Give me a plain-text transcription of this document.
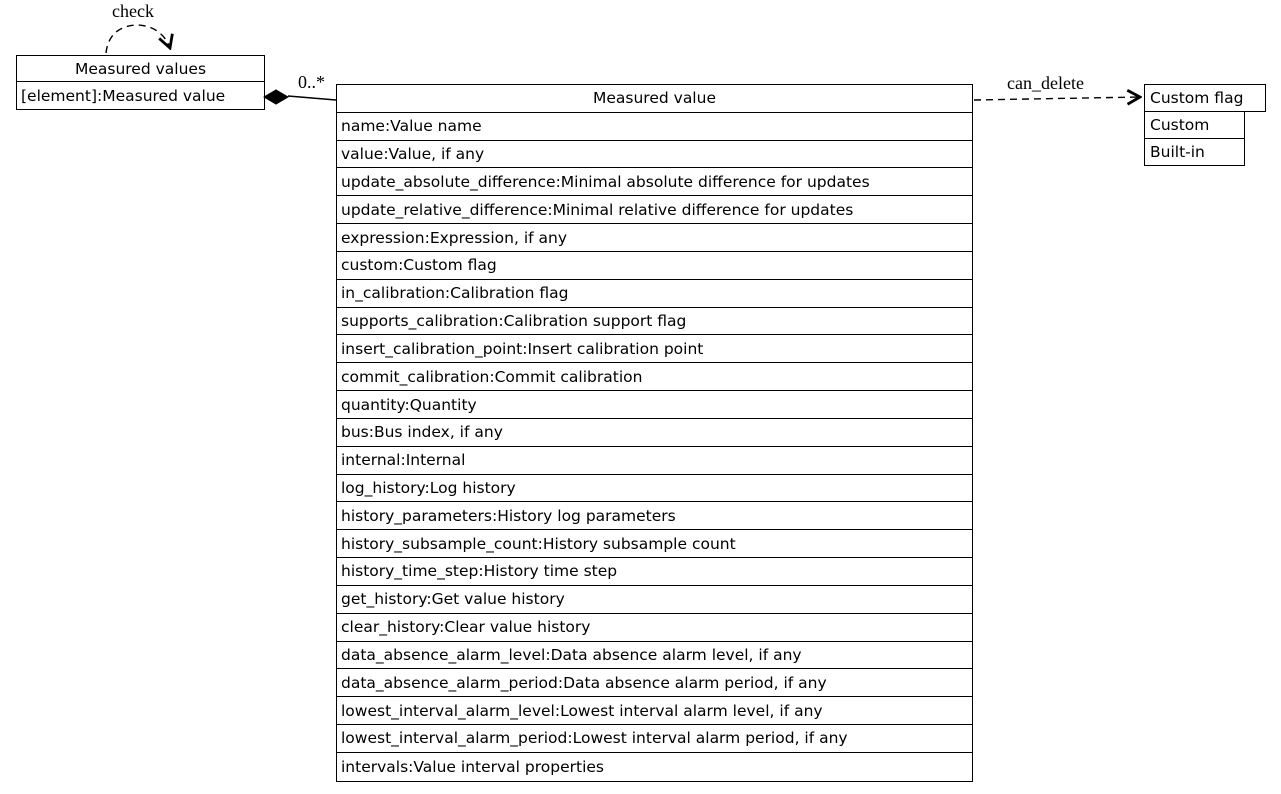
check
0..*	can_delete
Measured values
[element]:Measured value	Measured value
name:Value name
value:Value, if any
update_absolute_difference:Minimal absolute difference for updates
update_relative_difference:Minimal relative difference for updates
expression:Expression, if any
custom:Custom flag
in_calibration:Calibration flag
supports_calibration:Calibration support flag
insert_calibration_point:Insert calibration point
commit_calibration:Commit calibration
quantity:Quantity
bus:Bus index, if any
internal:Internal
log_history:Log history
history_parameters:History log parameters
history_subsample_count:History subsample count
history_time_step:History time step
get_history:Get value history
clear_history:Clear value history
data_absence_alarm_level:Data absence alarm level, if any
data_absence_alarm_period:Data absence alarm period, if any
lowest_interval_alarm_level:Lowest interval alarm level, if any
lowest_interval_alarm_period:Lowest interval alarm period, if any
intervals:Value interval properties
Custom flag
Custom
Built-in
